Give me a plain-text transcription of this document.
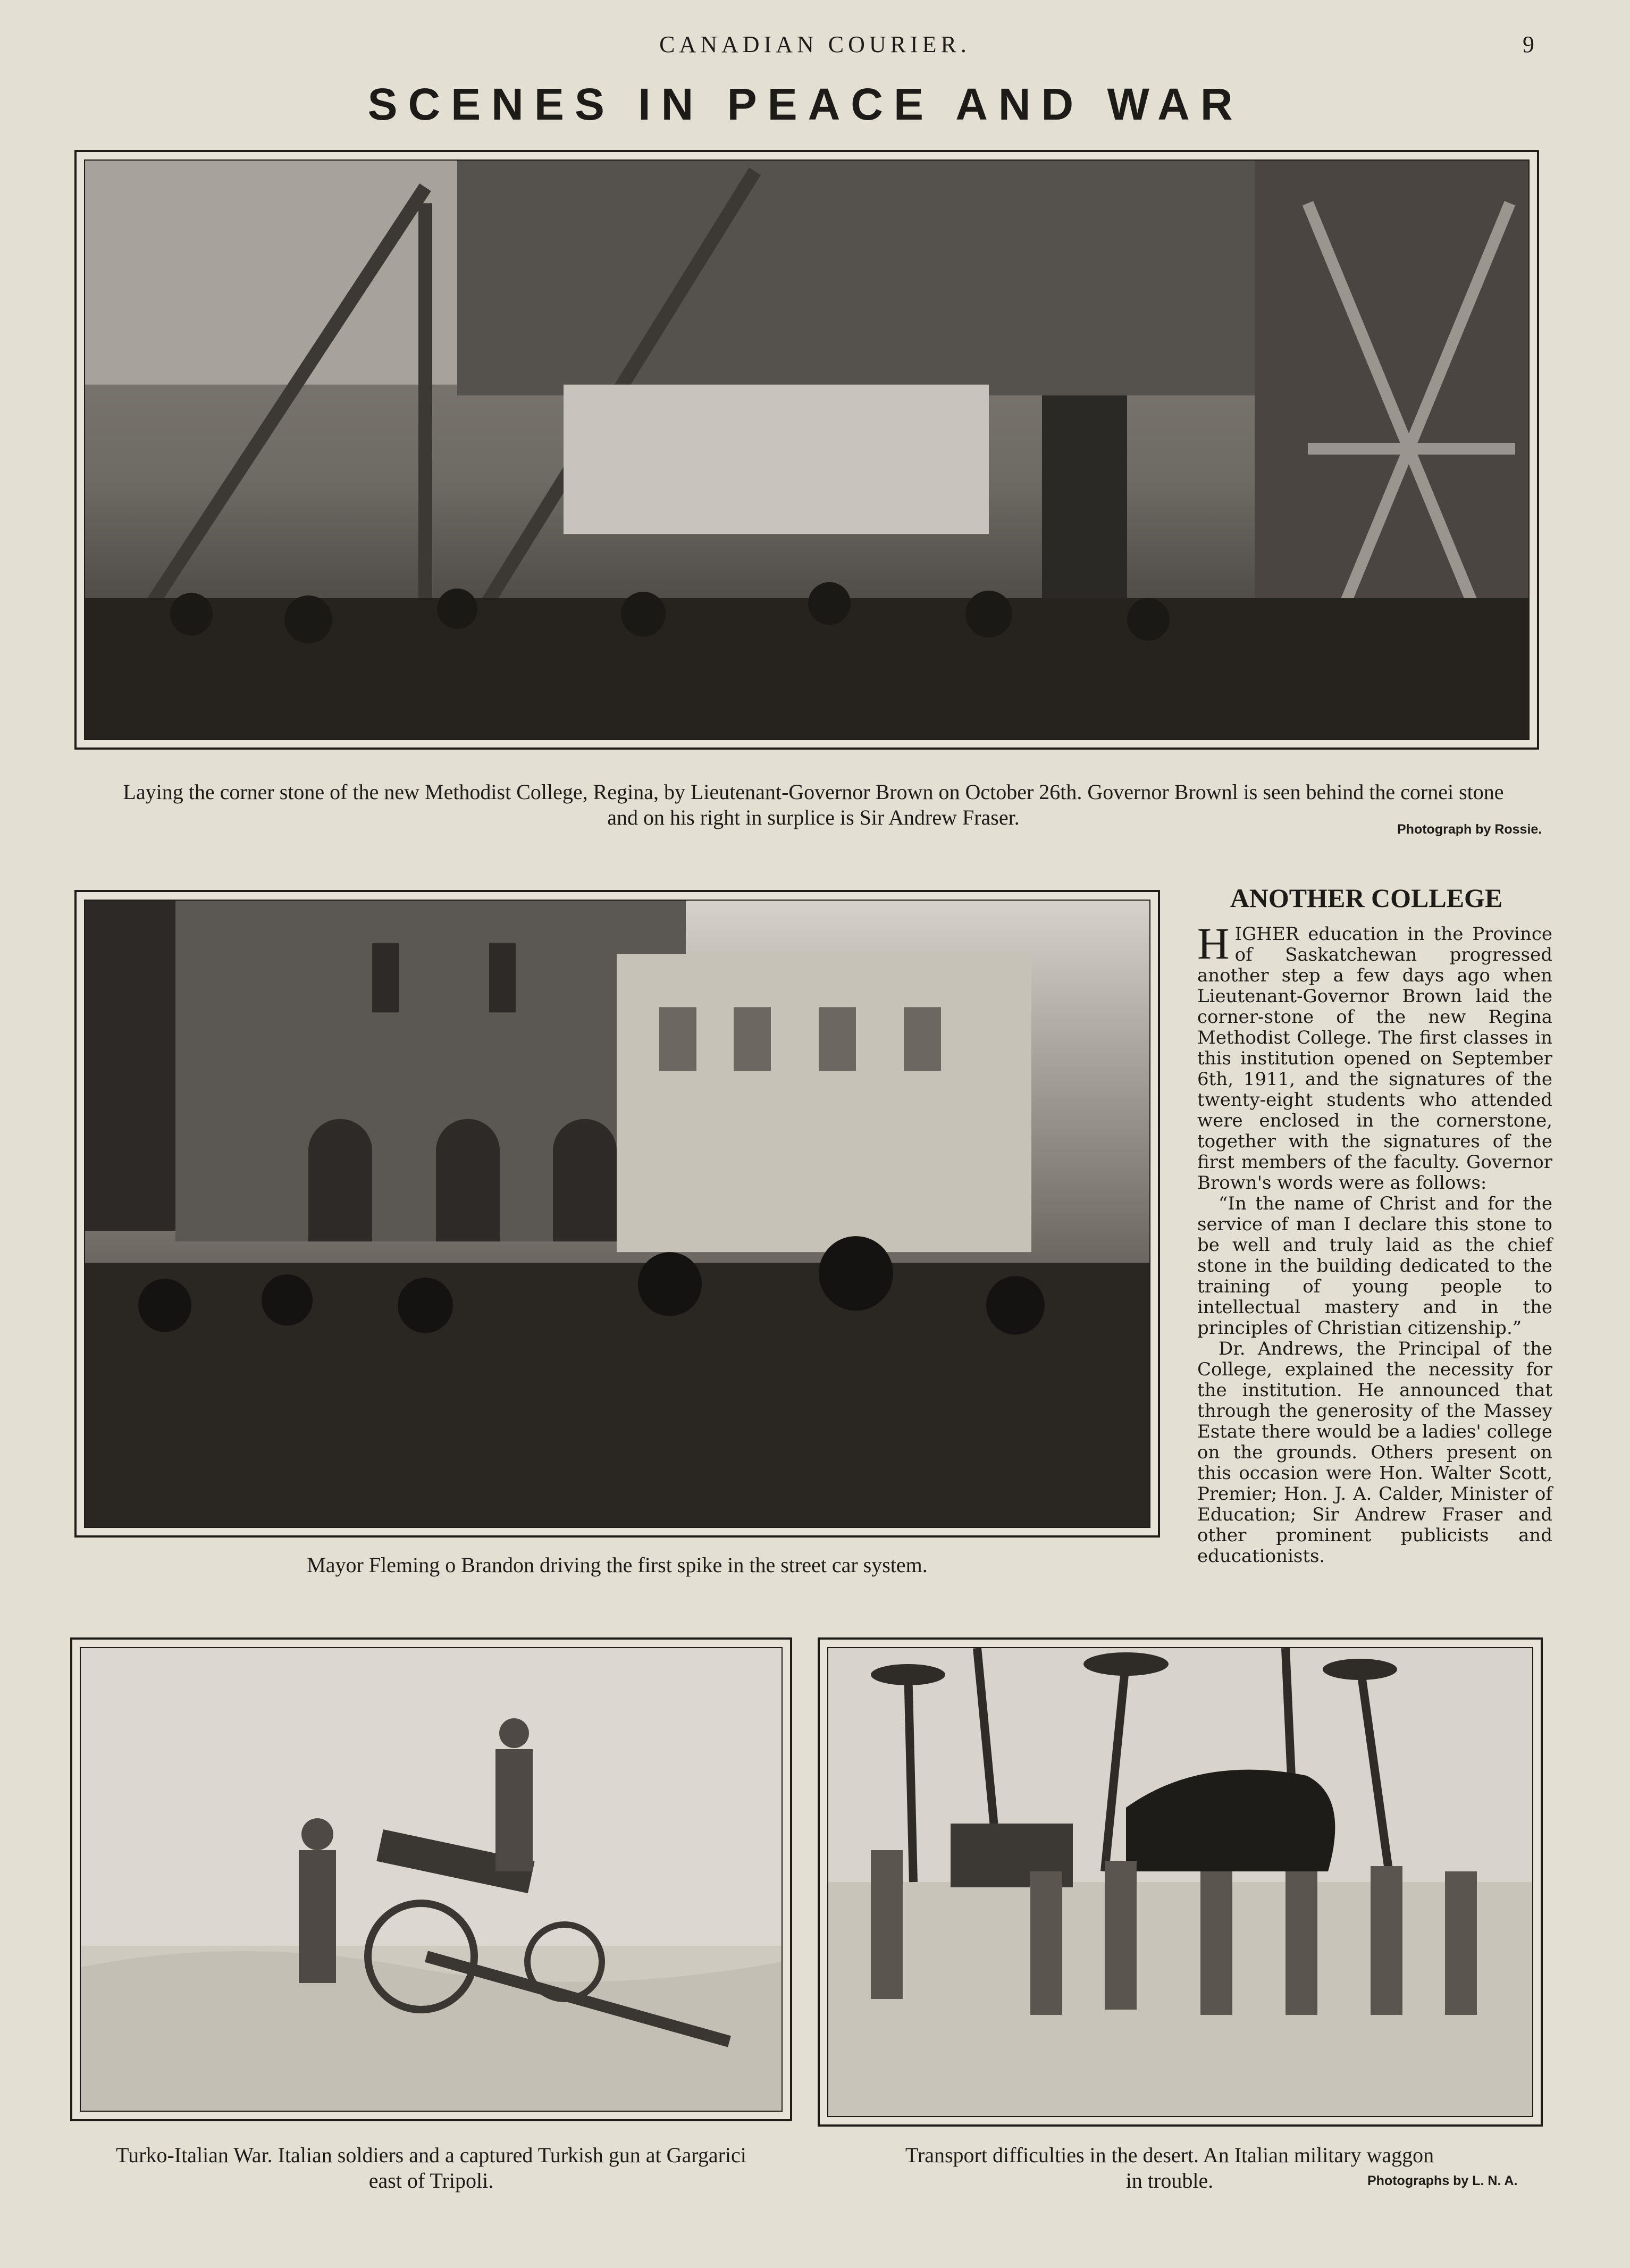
CANADIAN COURIER.	9
SCENES IN PEACE AND WAR
Laying the corner stone of the new Methodist College, Regina, by Lieutenant-Governor Brown on October 26th. Governor Brownl is seen behind the cornei stone
and on his right in surplice is Sir Andrew Fraser.	Photograph by Rossie.
Mayor Fleming o Brandon driving the first spike in the street car system.
ANOTHER COLLEGE

HIGHER education in the Province of Saskatchewan progressed another step a few days ago when Lieutenant-Governor Brown laid the corner-stone of the new Regina Methodist College. The first classes in this institution opened on September 6th, 1911, and the signatures of the twenty-eight students who attended were enclosed in the cornerstone, together with the signatures of the first members of the faculty. Governor Brown's words were as follows:

“In the name of Christ and for the service of man I declare this stone to be well and truly laid as the chief stone in the building dedicated to the training of young people to intellectual mastery and in the principles of Christian citizenship.”

Dr. Andrews, the Principal of the College, explained the necessity for the institution. He announced that through the generosity of the Massey Estate there would be a ladies' college on the grounds. Others present on this occasion were Hon. Walter Scott, Premier; Hon. J. A. Calder, Minister of Education; Sir Andrew Fraser and other prominent publicists and educationists.

Turko-Italian War. Italian soldiers and a captured Turkish gun at Gargarici
east of Tripoli.
Transport difficulties in the desert. An Italian military waggon
in trouble.	Photographs by L. N. A.
